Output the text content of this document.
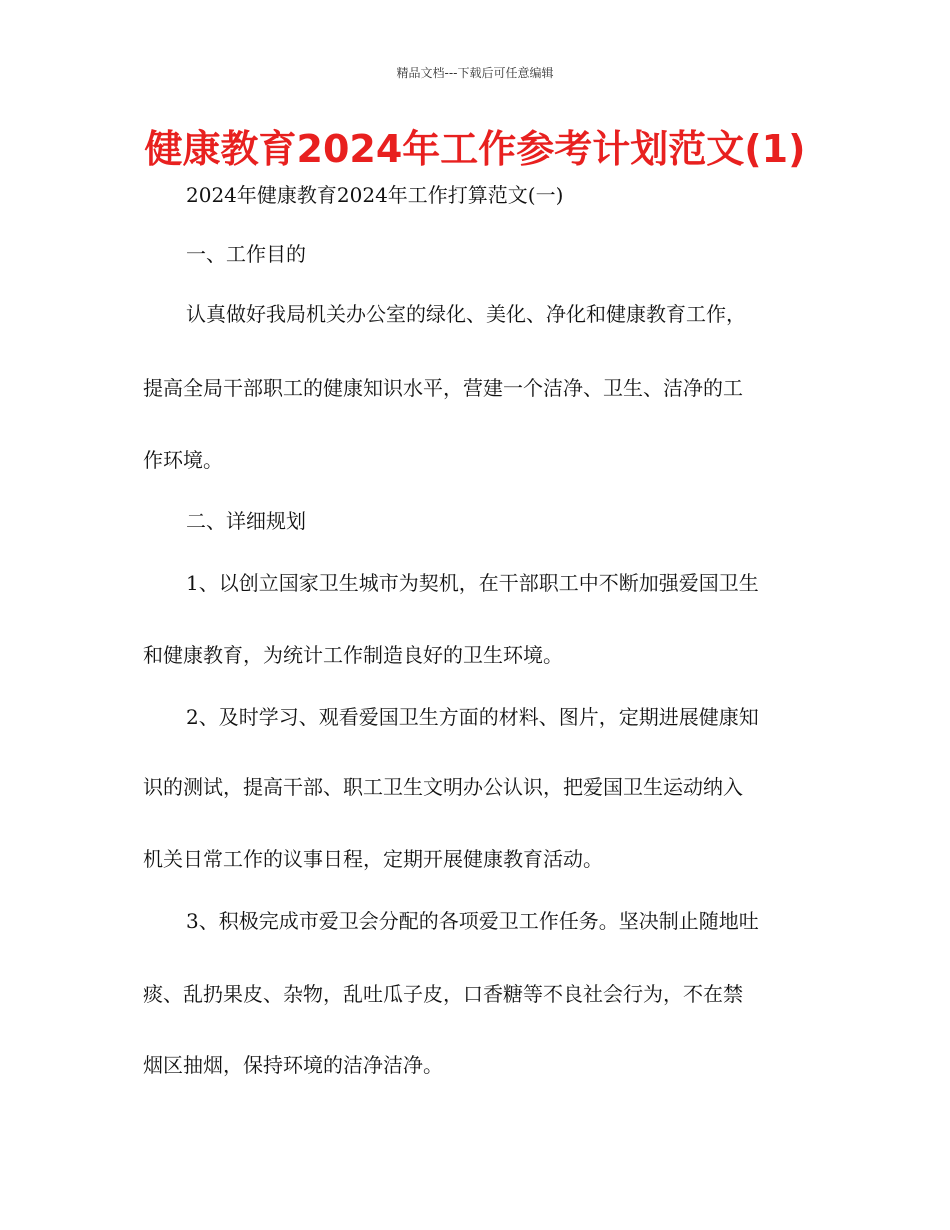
精品文档---下载后可任意编辑
健康教育2024年工作参考计划范文(1)
2024年健康教育2024年工作打算范文(一)
一、工作目的
认真做好我局机关办公室的绿化、美化、净化和健康教育工作，
提高全局干部职工的健康知识水平，营建一个洁净、卫生、洁净的工
作环境。
二、详细规划
1、以创立国家卫生城市为契机，在干部职工中不断加强爱国卫生
和健康教育，为统计工作制造良好的卫生环境。
2、及时学习、观看爱国卫生方面的材料、图片，定期进展健康知
识的测试，提高干部、职工卫生文明办公认识，把爱国卫生运动纳入
机关日常工作的议事日程，定期开展健康教育活动。
3、积极完成市爱卫会分配的各项爱卫工作任务。坚决制止随地吐
痰、乱扔果皮、杂物，乱吐瓜子皮，口香糖等不良社会行为，不在禁
烟区抽烟，保持环境的洁净洁净。
